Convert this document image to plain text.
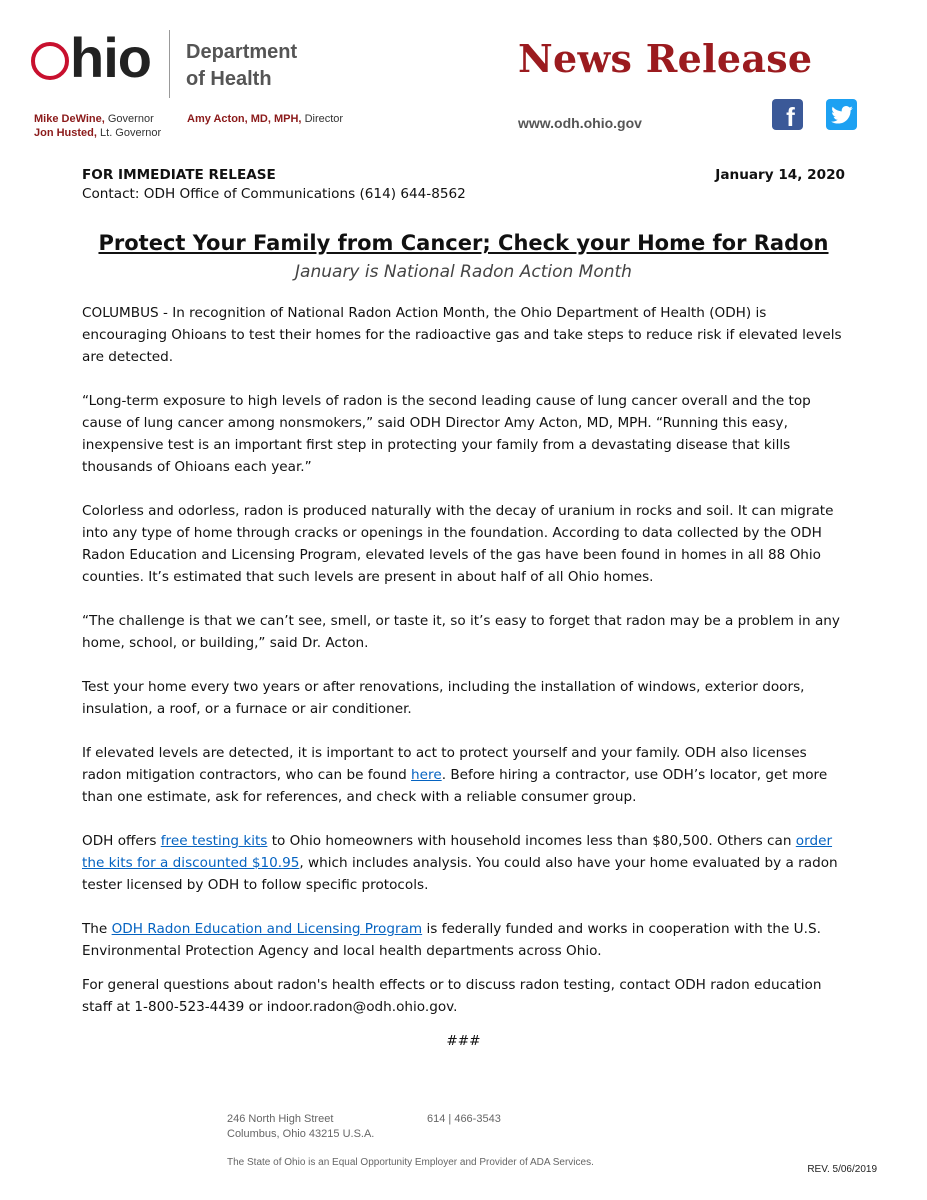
hio Department
of Health
Mike DeWine, Governor
Jon Husted, Lt. Governor
Amy Acton, MD, MPH, Director
News Release
www.odh.ohio.gov	f
FOR IMMEDIATE RELEASE	January 14, 2020
Contact: ODH Office of Communications (614) 644-8562
Protect Your Family from Cancer; Check your Home for Radon
January is National Radon Action Month
COLUMBUS - In recognition of National Radon Action Month, the Ohio Department of Health (ODH) is encouraging Ohioans to test their homes for the radioactive gas and take steps to reduce risk if elevated levels are detected.
“Long-term exposure to high levels of radon is the second leading cause of lung cancer overall and the top cause of lung cancer among nonsmokers,” said ODH Director Amy Acton, MD, MPH. “Running this easy, inexpensive test is an important first step in protecting your family from a devastating disease that kills thousands of Ohioans each year.”
Colorless and odorless, radon is produced naturally with the decay of uranium in rocks and soil. It can migrate into any type of home through cracks or openings in the foundation. According to data collected by the ODH Radon Education and Licensing Program, elevated levels of the gas have been found in homes in all 88 Ohio counties. It’s estimated that such levels are present in about half of all Ohio homes.
“The challenge is that we can’t see, smell, or taste it, so it’s easy to forget that radon may be a problem in any home, school, or building,” said Dr. Acton.
Test your home every two years or after renovations, including the installation of windows, exterior doors, insulation, a roof, or a furnace or air conditioner.
If elevated levels are detected, it is important to act to protect yourself and your family. ODH also licenses radon mitigation contractors, who can be found here. Before hiring a contractor, use ODH’s locator, get more than one estimate, ask for references, and check with a reliable consumer group.
ODH offers free testing kits to Ohio homeowners with household incomes less than $80,500. Others can order the kits for a discounted $10.95, which includes analysis. You could also have your home evaluated by a radon tester licensed by ODH to follow specific protocols.
The ODH Radon Education and Licensing Program is federally funded and works in cooperation with the U.S. Environmental Protection Agency and local health departments across Ohio.
For general questions about radon's health effects or to discuss radon testing, contact ODH radon education staff at 1-800-523-4439 or indoor.radon@odh.ohio.gov.
###
246 North High Street
Columbus, Ohio 43215 U.S.A.
614 | 466-3543
The State of Ohio is an Equal Opportunity Employer and Provider of ADA Services.
REV. 5/06/2019
